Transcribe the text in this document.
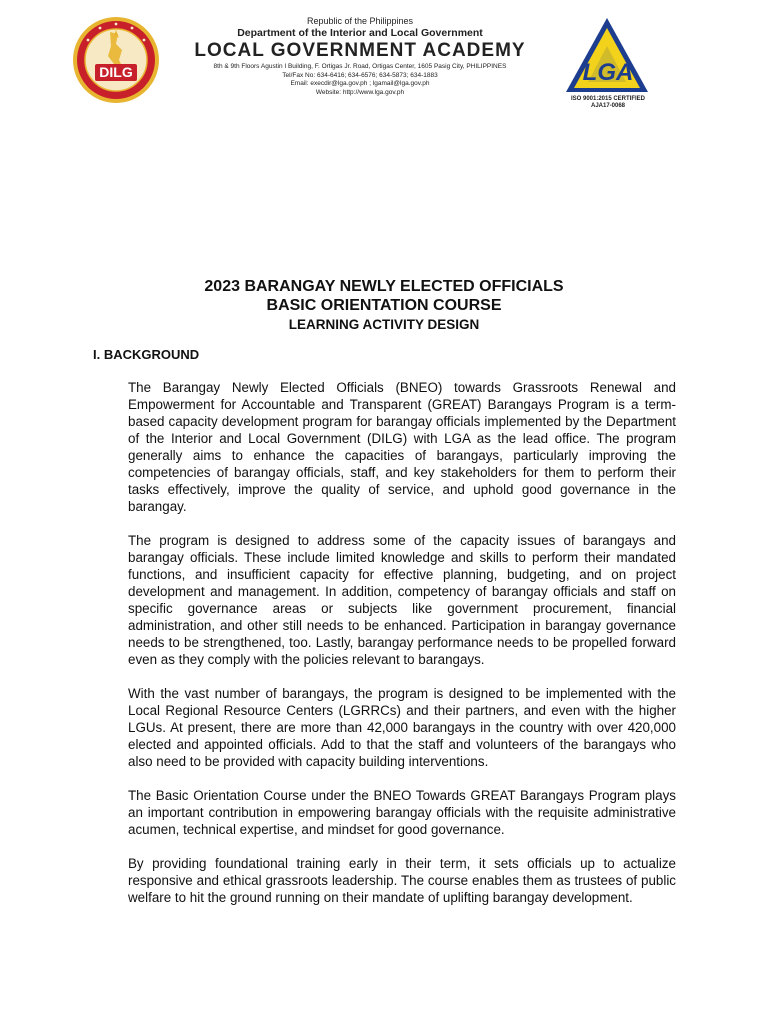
DILG
Republic of the Philippines
Department of the Interior and Local Government
LOCAL GOVERNMENT ACADEMY
8th & 9th Floors Agustin I Building, F. Ortigas Jr. Road, Ortigas Center, 1605 Pasig City, PHILIPPINES
Tel/Fax No: 634-6416; 634-6576; 634-5873; 634-1883
Email: execdir@lga.gov.ph ; lgamail@lga.gov.ph
Website: http://www.lga.gov.ph
LGA
ISO 9001:2015 CERTIFIED
AJA17-0068
2023 BARANGAY NEWLY ELECTED OFFICIALS
BASIC ORIENTATION COURSE
LEARNING ACTIVITY DESIGN
I. BACKGROUND

The Barangay Newly Elected Officials (BNEO) towards Grassroots Renewal and Empowerment for Accountable and Transparent (GREAT) Barangays Program is a term-based capacity development program for barangay officials implemented by the Department of the Interior and Local Government (DILG) with LGA as the lead office. The program generally aims to enhance the capacities of barangays, particularly improving the competencies of barangay officials, staff, and key stakeholders for them to perform their tasks effectively, improve the quality of service, and uphold good governance in the barangay.

The program is designed to address some of the capacity issues of barangays and barangay officials. These include limited knowledge and skills to perform their mandated functions, and insufficient capacity for effective planning, budgeting, and on project development and management. In addition, competency of barangay officials and staff on specific governance areas or subjects like government procurement, financial administration, and other still needs to be enhanced. Participation in barangay governance needs to be strengthened, too. Lastly, barangay performance needs to be propelled forward even as they comply with the policies relevant to barangays.

With the vast number of barangays, the program is designed to be implemented with the Local Regional Resource Centers (LGRRCs) and their partners, and even with the higher LGUs. At present, there are more than 42,000 barangays in the country with over 420,000 elected and appointed officials. Add to that the staff and volunteers of the barangays who also need to be provided with capacity building interventions.

The Basic Orientation Course under the BNEO Towards GREAT Barangays Program plays an important contribution in empowering barangay officials with the requisite administrative acumen, technical expertise, and mindset for good governance.

By providing foundational training early in their term, it sets officials up to actualize responsive and ethical grassroots leadership. The course enables them as trustees of public welfare to hit the ground running on their mandate of uplifting barangay development.
